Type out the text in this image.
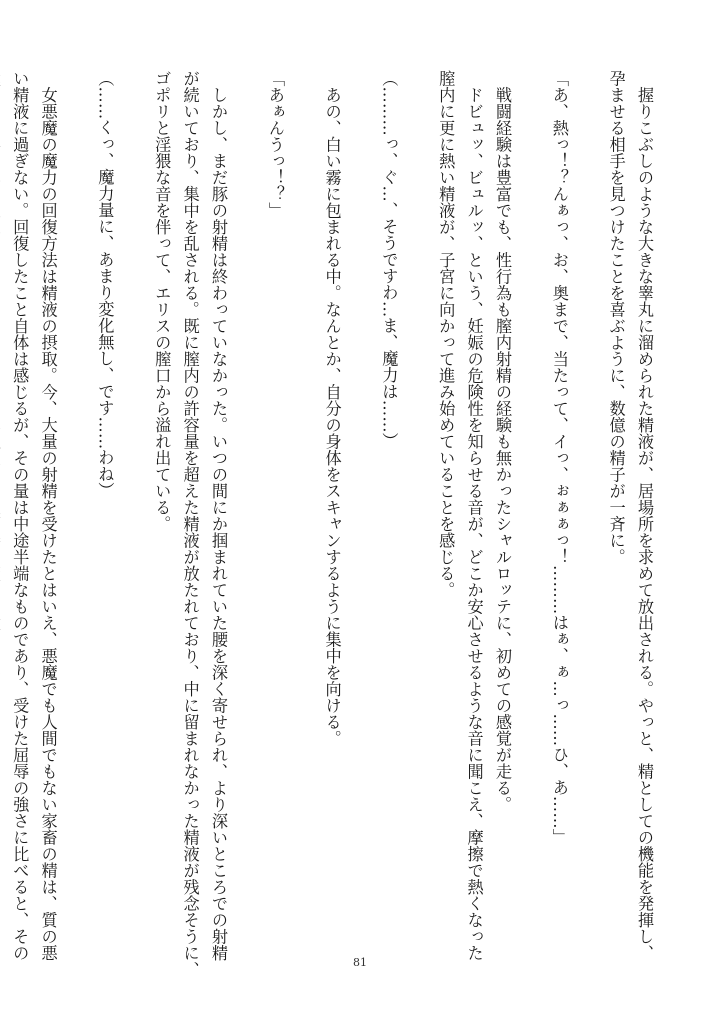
　握りこぶしのような大きな睾丸に溜められた精液が、居場所を求めて放出される。やっと、精としての機能を発揮し、
孕ませる相手を見つけたことを喜ぶように、数億の精子が一斉に。
「あ、熱っ！？んぁっ、お、奥まで、当たって、イっ、ぉぁぁっ！………はぁ、ぁ…っ……ひ、あ……」
　戦闘経験は豊富でも、性行為も膣内射精の経験も無かったシャルロッテに、初めての感覚が走る。
　ドビュッ、ビュルッ、という、妊娠の危険性を知らせる音が、どこか安心させるような音に聞こえ、摩擦で熱くなった
膣内に更に熱い精液が、子宮に向かって進み始めていることを感じる。
（………っ、ぐ…、そうですわ…ま、魔力は……）
　あの、白い霧に包まれる中。なんとか、自分の身体をスキャンするように集中を向ける。
「あぁんうっ！？」
　しかし、まだ豚の射精は終わっていなかった。いつの間にか掴まれていた腰を深く寄せられ、より深いところでの射精
が続いており、集中を乱される。既に膣内の許容量を超えた精液が放たれており、中に留まれなかった精液が残念そうに、
ゴポリと淫猥な音を伴って、エリスの膣口から溢れ出ている。
（……くっ、魔力量に、あまり変化無し、です……わね）
　女悪魔の魔力の回復方法は精液の摂取。今、大量の射精を受けたとはいえ、悪魔でも人間でもない家畜の精は、質の悪
い精液に過ぎない。回復したこと自体は感じるが、その量は中途半端なものであり、受けた屈辱の強さに比べると、その
81
